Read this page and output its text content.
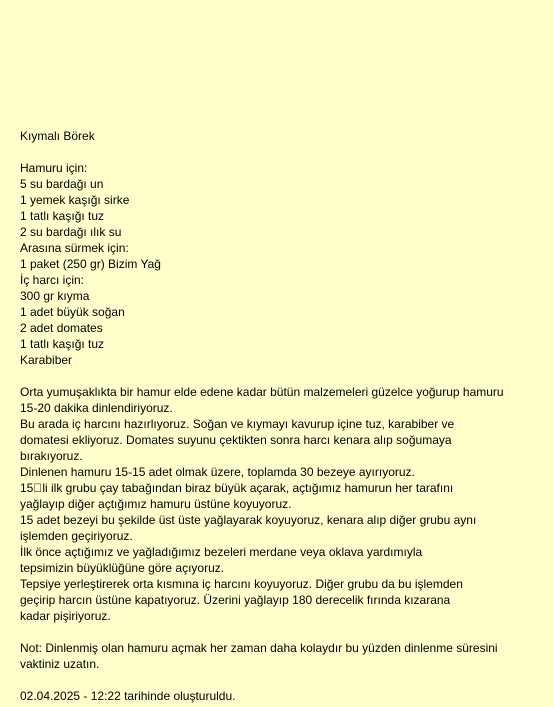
Kıymalı Börek
Hamuru için:
5 su bardağı un
1 yemek kaşığı sirke
1 tatlı kaşığı tuz
2 su bardağı ılık su
Arasına sürmek için:
1 paket (250 gr) Bizim Yağ
İç harcı için:
300 gr kıyma
1 adet büyük soğan
2 adet domates
1 tatlı kaşığı tuz
Karabiber
Orta yumuşaklıkta bir hamur elde edene kadar bütün malzemeleri güzelce yoğurup hamuru
15-20 dakika dinlendiriyoruz.
Bu arada iç harcını hazırlıyoruz. Soğan ve kıymayı kavurup içine tuz, karabiber ve
domatesi ekliyoruz. Domates suyunu çektikten sonra harcı kenara alıp soğumaya
bırakıyoruz.
Dinlenen hamuru 15-15 adet olmak üzere, toplamda 30 bezeye ayırıyoruz.
15 li ilk grubu çay tabağından biraz büyük açarak, açtığımız hamurun her tarafını
yağlayıp diğer açtığımız hamuru üstüne koyuyoruz.
15 adet bezeyi bu şekilde üst üste yağlayarak koyuyoruz, kenara alıp diğer grubu aynı
işlemden geçiriyoruz.
İlk önce açtığımız ve yağladığımız bezeleri merdane veya oklava yardımıyla
tepsimizin büyüklüğüne göre açıyoruz.
Tepsiye yerleştirerek orta kısmına iç harcını koyuyoruz. Diğer grubu da bu işlemden
geçirip harcın üstüne kapatıyoruz. Üzerini yağlayıp 180 derecelik fırında kızarana
kadar pişiriyoruz.
Not: Dinlenmiş olan hamuru açmak her zaman daha kolaydır bu yüzden dinlenme süresini
vaktiniz uzatın.
02.04.2025 - 12:22 tarihinde oluşturuldu.
